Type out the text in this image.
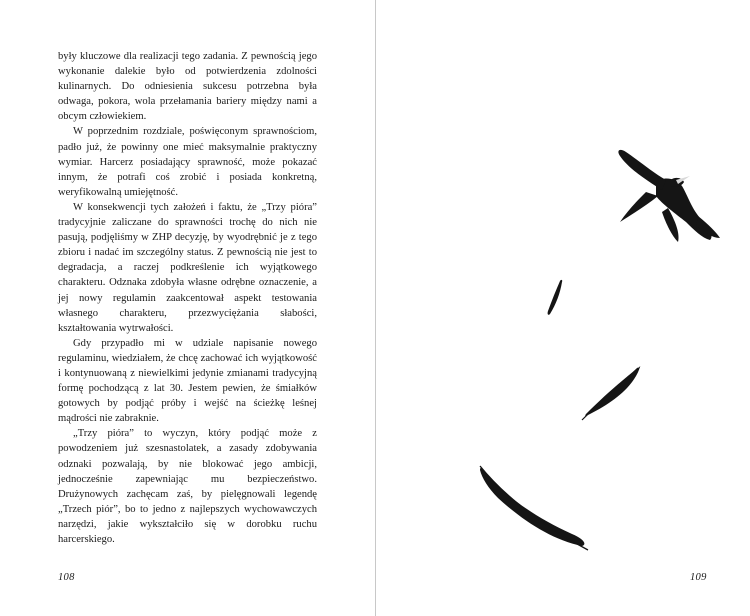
były kluczowe dla realizacji tego zadania. Z pewnością jego wykonanie dalekie było od potwierdzenia zdolności kulinarnych. Do odniesienia sukcesu potrzebna była odwaga, pokora, wola przełamania bariery między nami a obcym człowiekiem.

W poprzednim rozdziale, poświęconym sprawnościom, padło już, że powinny one mieć maksymalnie praktyczny wymiar. Harcerz posiadający sprawność, może pokazać innym, że potrafi coś zrobić i posiada konkretną, weryfikowalną umiejętność.

W konsekwencji tych założeń i faktu, że „Trzy pióra” tradycyjnie zaliczane do sprawności trochę do nich nie pasują, podjęliśmy w ZHP decyzję, by wyodrębnić je z tego zbioru i nadać im szczególny status. Z pewnością nie jest to degradacja, a raczej podkreślenie ich wyjątkowego charakteru. Odznaka zdobyła własne odrębne oznaczenie, a jej nowy regulamin zaakcentował aspekt testowania własnego charakteru, przezwyciężania słabości, kształtowania wytrwałości.

Gdy przypadło mi w udziale napisanie nowego regulaminu, wiedziałem, że chcę zachować ich wyjątkowość i kontynuowaną z niewielkimi jedynie zmianami tradycyjną formę pochodzącą z lat 30. Jestem pewien, że śmiałków gotowych by podjąć próby i wejść na ścieżkę leśnej mądrości nie zabraknie.

„Trzy pióra” to wyczyn, który podjąć może z powodzeniem już szesnastolatek, a zasady zdobywania odznaki pozwalają, by nie blokować jego ambicji, jednocześnie zapewniając mu bezpieczeństwo. Drużynowych zachęcam zaś, by pielęgnowali legendę „Trzech piór”, bo to jedno z najlepszych wychowawczych narzędzi, jakie wykształciło się w dorobku ruchu harcerskiego.

108	109
